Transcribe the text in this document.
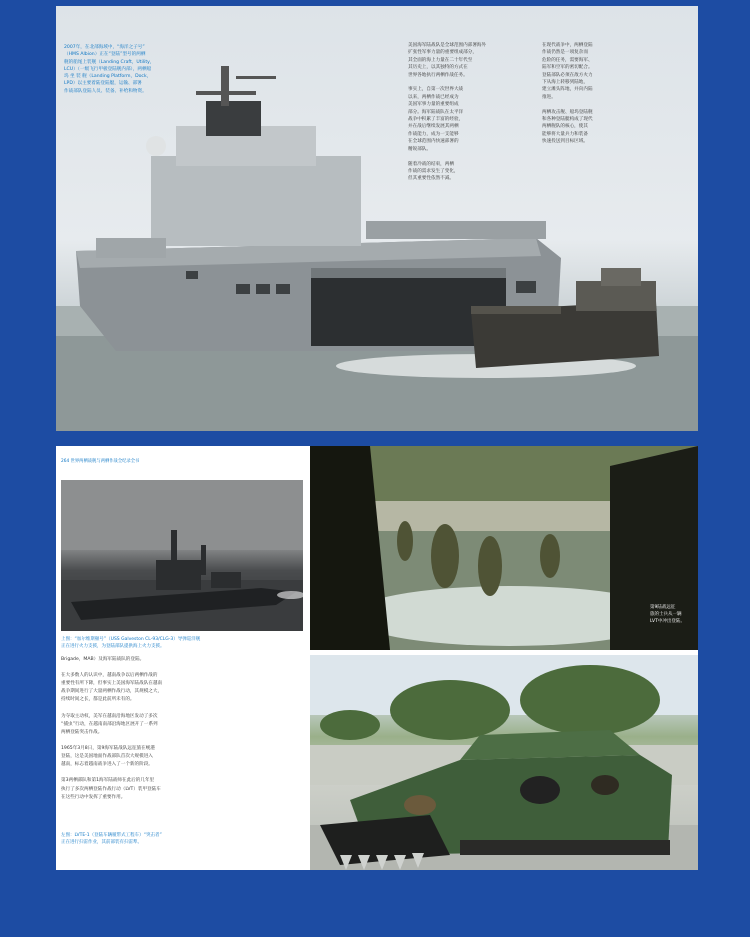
2007年，在北部海域中，“海洋之子号”
（HMS Albion）正在“登陆”型号的两栖
舰的船尾上装舰（Landing Craft，Utility，
LCU）（一级飞行甲板登陆舰内部），两栖船
坞 坐 装 舰（Landing Platform，Dock，
LPD）以主要着陆登陆艇，运输、部署
作战部队登陆人员、装备、补给和物资。
美国海军陆战队是全球范围内部署海外
扩张性军事力量的重要组成部分，
其全面的海上力量在二十年代至
其历史上，以其独特的方式在
世界各地执行两栖作战任务。

事实上，自第一次世界大战
以来，两栖作战已经成为
美国军事力量的重要组成
部分。海军陆战队在太平洋
战争中积累了丰富的经验，
并在战后继续发展其两栖
作战能力，成为一支能够
在全球范围内快速部署的
精锐部队。

随着冷战的结束，两栖
作战的需求发生了变化，
但其重要性依然不减。
在现代战争中，两栖登陆
作战仍然是一项复杂而
危险的任务，需要海军、
陆军和空军的密切配合。
登陆部队必须在敌方火力
下从海上转移到陆地，
建立滩头阵地，并向内陆
推进。

两栖攻击舰、船坞登陆舰
和各种登陆艇构成了现代
两栖舰队的核心，使其
能够将大量兵力和装备
快速投送到目标区域。
264 世界两栖战舰与两栖作战全纪录全书
上图：“加尔维斯顿号”（USS Galveston CL-93/CLG-3）导弹巡洋舰
正在进行火力支援，为登陆部队提供海上火力支援。
Brigade，MAB）及海军陆战队的登陆。

在大多数人的认识中，越南战争以后两栖作战的
重要性有所下降，但事实上美国海军陆战队在越南
战争期间进行了大量两栖作战行动，其规模之大，
持续时间之长，都是此前所未有的。

为夺取主动权，美军在越南沿海地区发动了多次
“捕虫”行动，在越南南部沿海地区展开了一系列
两栖登陆突击作战。

1965年3月8日，第9海军陆战队远征旅在岘港
登陆，这是美国地面作战部队首次大规模进入
越南，标志着越南战争进入了一个新的阶段。

第3两栖部队和第1海军陆战师在此后的几年里
执行了多次两栖登陆作战行动（LVT）装甲登陆车
在这些行动中发挥了重要作用。
左图：LVTE-1（登陆车辆履带式工程车）“突击者”
正在进行扫雷作业，其前部装有扫雷犁。
第9陆战远征
旅的士兵从一辆
LVT中冲出登陆。
